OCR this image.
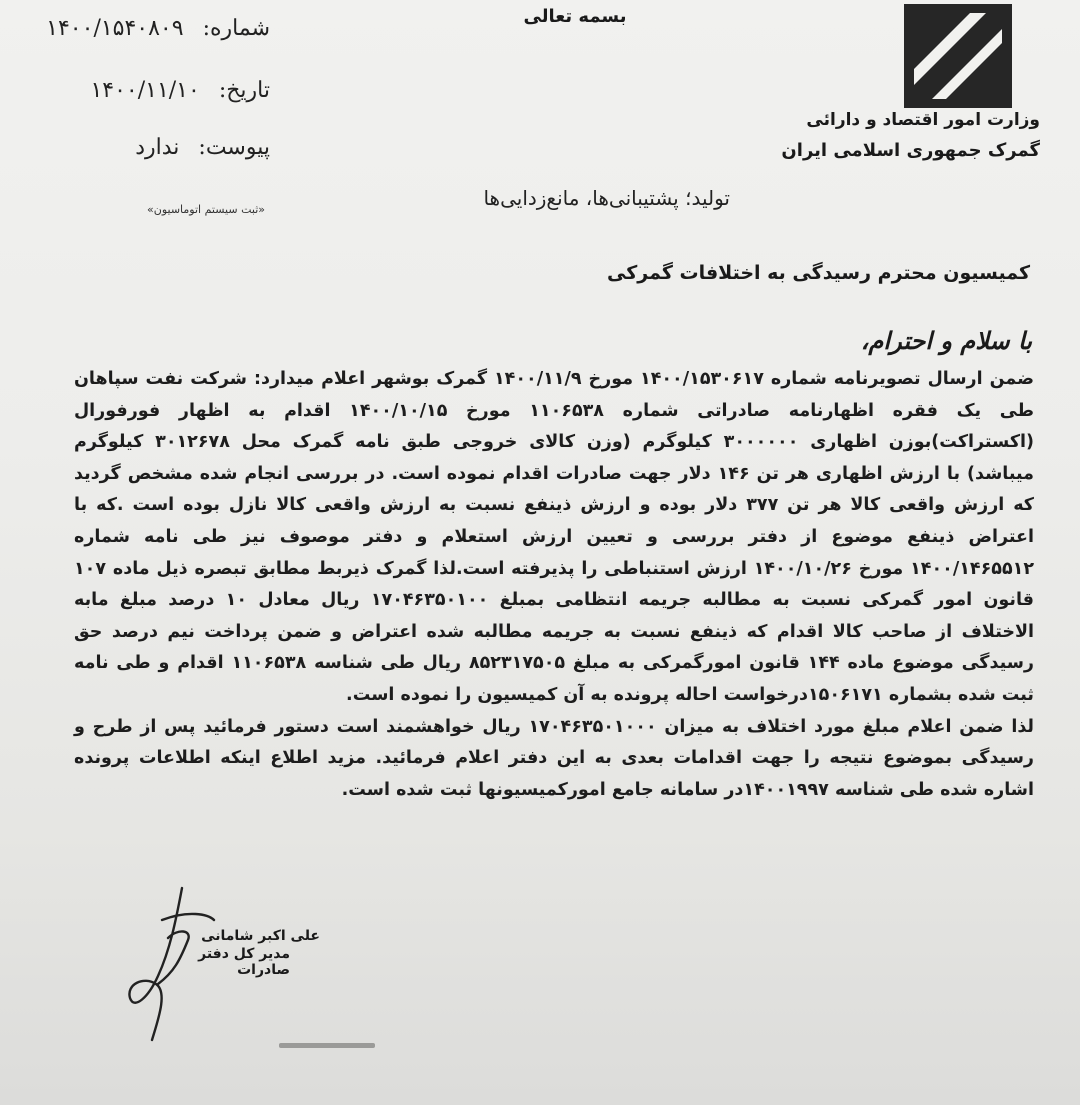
بسمه تعالی
وزارت امور اقتصاد و دارائی
گمرک جمهوری اسلامی ایران
شماره: ۱۴۰۰/۱۵۴۰۸۰۹
تاریخ: ۱۴۰۰/۱۱/۱۰
پیوست: ندارد
«ثبت سیستم اتوماسیون»	تولید؛ پشتیبانی‌ها، مانع‌زدایی‌ها
کمیسیون محترم رسیدگی به اختلافات گمرکی
با سلام و احترام،

ضمن ارسال تصویرنامه شماره ۱۴۰۰/۱۵۳۰۶۱۷ مورخ ۱۴۰۰/۱۱/۹ گمرک بوشهر اعلام میدارد: شرکت نفت سپاهان طی یک فقره اظهارنامه صادراتی شماره ۱۱۰۶۵۳۸ مورخ ۱۴۰۰/۱۰/۱۵ اقدام به اظهار فورفورال (اکستراکت)بوزن اظهاری ۳۰۰۰۰۰۰ کیلوگرم (وزن کالای خروجی طبق نامه گمرک محل ۳۰۱۲۶۷۸ کیلوگرم میباشد) با ارزش اظهاری هر تن ۱۴۶ دلار جهت صادرات اقدام نموده است. در بررسی انجام شده مشخص گردید که ارزش واقعی کالا هر تن ۳۷۷ دلار بوده و ارزش ذینفع نسبت به ارزش واقعی کالا نازل بوده است .که با اعتراض ذینفع موضوع از دفتر بررسی و تعیین ارزش استعلام و دفتر موصوف نیز طی نامه شماره ۱۴۰۰/۱۴۶۵۵۱۲ مورخ ۱۴۰۰/۱۰/۲۶ ارزش استنباطی را پذیرفته است.لذا گمرک ذیربط مطابق تبصره ذیل ماده ۱۰۷ قانون امور گمرکی نسبت به مطالبه جریمه انتظامی بمبلغ ۱۷۰۴۶۳۵۰۱۰۰ ریال معادل ۱۰ درصد مبلغ مابه الاختلاف از صاحب کالا اقدام که ذینفع نسبت به جریمه مطالبه شده اعتراض و ضمن پرداخت نیم درصد حق رسیدگی موضوع ماده ۱۴۴ قانون امورگمرکی به مبلغ ۸۵۲۳۱۷۵۰۵ ریال طی شناسه ۱۱۰۶۵۳۸ اقدام و طی نامه ثبت شده بشماره ۱۵۰۶۱۷۱درخواست احاله پرونده به آن کمیسیون را نموده است.

لذا ضمن اعلام مبلغ مورد اختلاف به میزان ۱۷۰۴۶۳۵۰۱۰۰۰ ریال خواهشمند است دستور فرمائید پس از طرح و رسیدگی بموضوع نتیجه را جهت اقدامات بعدی به این دفتر اعلام فرمائید. مزید اطلاع اینکه اطلاعات پرونده اشاره شده طی شناسه ۱۴۰۰۱۹۹۷در سامانه جامع امورکمیسیونها ثبت شده است.

علی اکبر شامانی
مدیر کل دفتر صادرات
